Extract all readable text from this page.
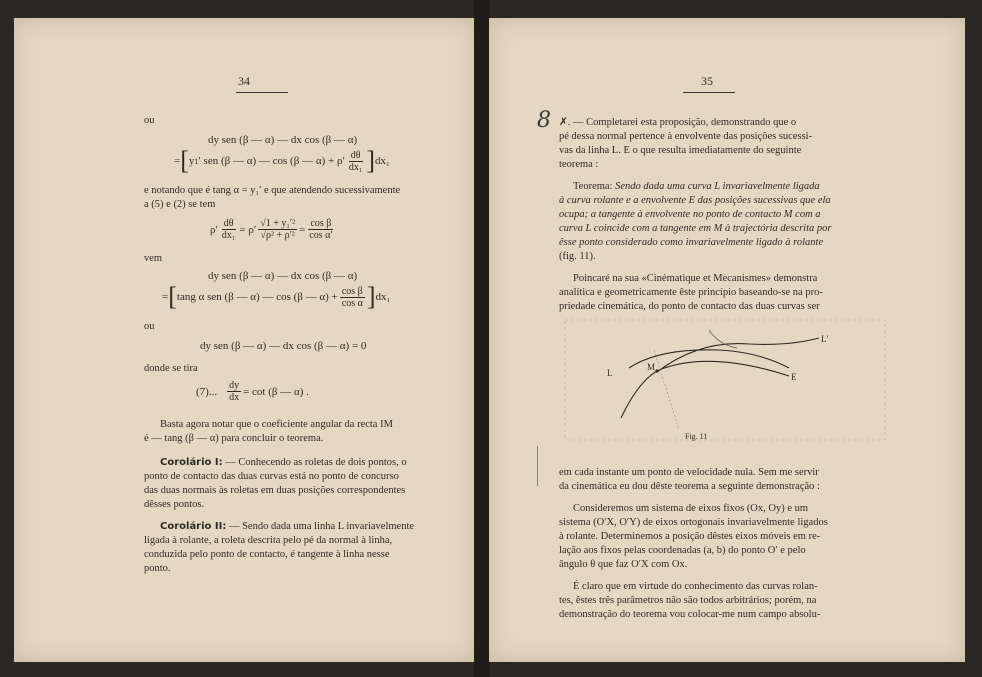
34
ou
dy sen (β — α) — dx cos (β — α)
= [ y 1 ′ sen (β — α) — cos (β — $\alpha) + \rho' \frac{d\theta}{\text{dx₁}}$ ] dx₁
e notando que é tang α = y₁′ e que atendendo sucessivamente
a (5) e (2) se tem
$\rho' \frac{d\theta}{\text{dx₁}} = \rho' \frac{\text{√1 + y₁′²}}{\text{√ρ² + ρ′²}} = \frac{\text{cos β}}{\text{cos α′}}$
vem
dy sen (β — α) — dx cos (β — α)
= [ tang α sen (β — α) — cos (β — $\alpha) + \frac{\text{cos β}}{\text{cos α}}$ ] dx₁
ou
dy sen (β — α) — dx cos (β — α) = 0
donde se tira
(7)... $\frac{dy}{dx} = \cot (\beta$ — α) .
Basta agora notar que o coeficiente angular da recta IM
é — tang (β — α) para concluir o teorema.
Corolário I: — Conhecendo as roletas de dois pontos, o
ponto de contacto das duas curvas está no ponto de concurso
das duas normais às roletas em duas posições correspondentes
dêsses pontos.
Corolário II: — Sendo dada uma linha L invariavelmente
ligada à rolante, a roleta descrita pelo pé da normal à linha,
conduzida pelo ponto de contacto, é tangente à linha nesse
ponto.
35
8 ✗. — Completarei esta proposição, demonstrando que o
pé dessa normal pertence à envolvente das posições sucessi-
vas da linha L. E o que resulta imediatamente do seguinte
teorema :
Teorema: Sendo dada uma curva L invariavelmente ligada
à curva rolante e a envolvente E das posições sucessivas que ela
ocupa; a tangente à envolvente no ponto de contacto M com a
curva L coincide com a tangente em M à trajectória descrita por
êsse ponto considerado como invariavelmente ligado à rolante
(fig. 11).
Poincaré na sua «Cinématique et Mecanismes» demonstra
analítica e geometricamente êste princípio baseando-se na pro-
priedade cinemática, do ponto de contacto das duas curvas ser
L
M
L′
E
Fig. 11
em cada instante um ponto de velocidade nula. Sem me servir
da cinemática eu dou dêste teorema a seguinte demonstração :
Consideremos um sistema de eixos fixos (Ox, Oy) e um
sistema (O′X, O′Y) de eixos ortogonais invariavelmente ligados
à rolante. Determinemos a posição dêstes eixos móveis em re-
lação aos fixos pelas coordenadas (a, b) do ponto O′ e pelo
ângulo θ que faz O′X com Ox.
É claro que em virtude do conhecimento das curvas rolan-
tes, êstes três parâmetros não são todos arbitrários; porém, na
demonstração do teorema vou colocar-me num campo absolu-
